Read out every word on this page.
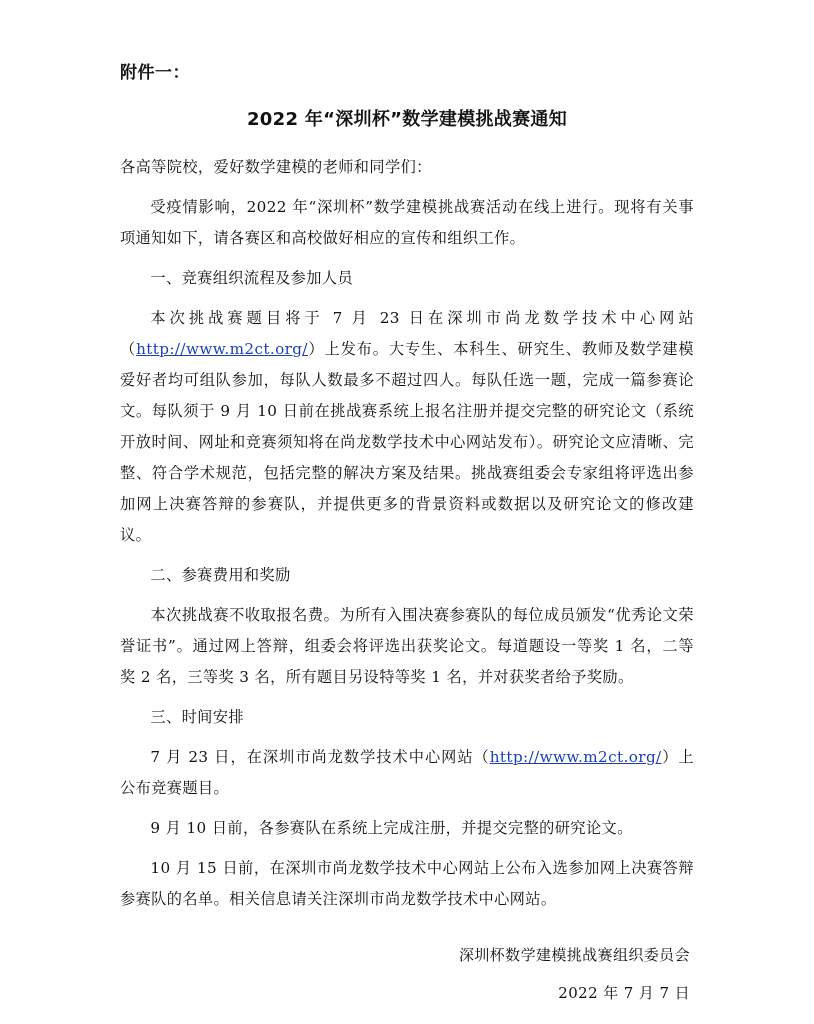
附件一：
2022 年“深圳杯”数学建模挑战赛通知

各高等院校，爱好数学建模的老师和同学们：

受疫情影响，2022 年“深圳杯”数学建模挑战赛活动在线上进行。现将有关事项通知如下，请各赛区和高校做好相应的宣传和组织工作。

一、竞赛组织流程及参加人员

本次挑战赛题目将于 7 月 23 日在深圳市尚龙数学技术中心网站（http://www.m2ct.org/）上发布。大专生、本科生、研究生、教师及数学建模爱好者均可组队参加，每队人数最多不超过四人。每队任选一题，完成一篇参赛论文。每队须于 9 月 10 日前在挑战赛系统上报名注册并提交完整的研究论文（系统开放时间、网址和竞赛须知将在尚龙数学技术中心网站发布）。研究论文应清晰、完整、符合学术规范，包括完整的解决方案及结果。挑战赛组委会专家组将评选出参加网上决赛答辩的参赛队，并提供更多的背景资料或数据以及研究论文的修改建议。

二、参赛费用和奖励

本次挑战赛不收取报名费。为所有入围决赛参赛队的每位成员颁发“优秀论文荣誉证书”。通过网上答辩，组委会将评选出获奖论文。每道题设一等奖 1 名，二等奖 2 名，三等奖 3 名，所有题目另设特等奖 1 名，并对获奖者给予奖励。

三、时间安排

7 月 23 日，在深圳市尚龙数学技术中心网站（http://www.m2ct.org/）上公布竞赛题目。

9 月 10 日前，各参赛队在系统上完成注册，并提交完整的研究论文。

10 月 15 日前，在深圳市尚龙数学技术中心网站上公布入选参加网上决赛答辩参赛队的名单。相关信息请关注深圳市尚龙数学技术中心网站。

深圳杯数学建模挑战赛组织委员会
2022 年 7 月 7 日
